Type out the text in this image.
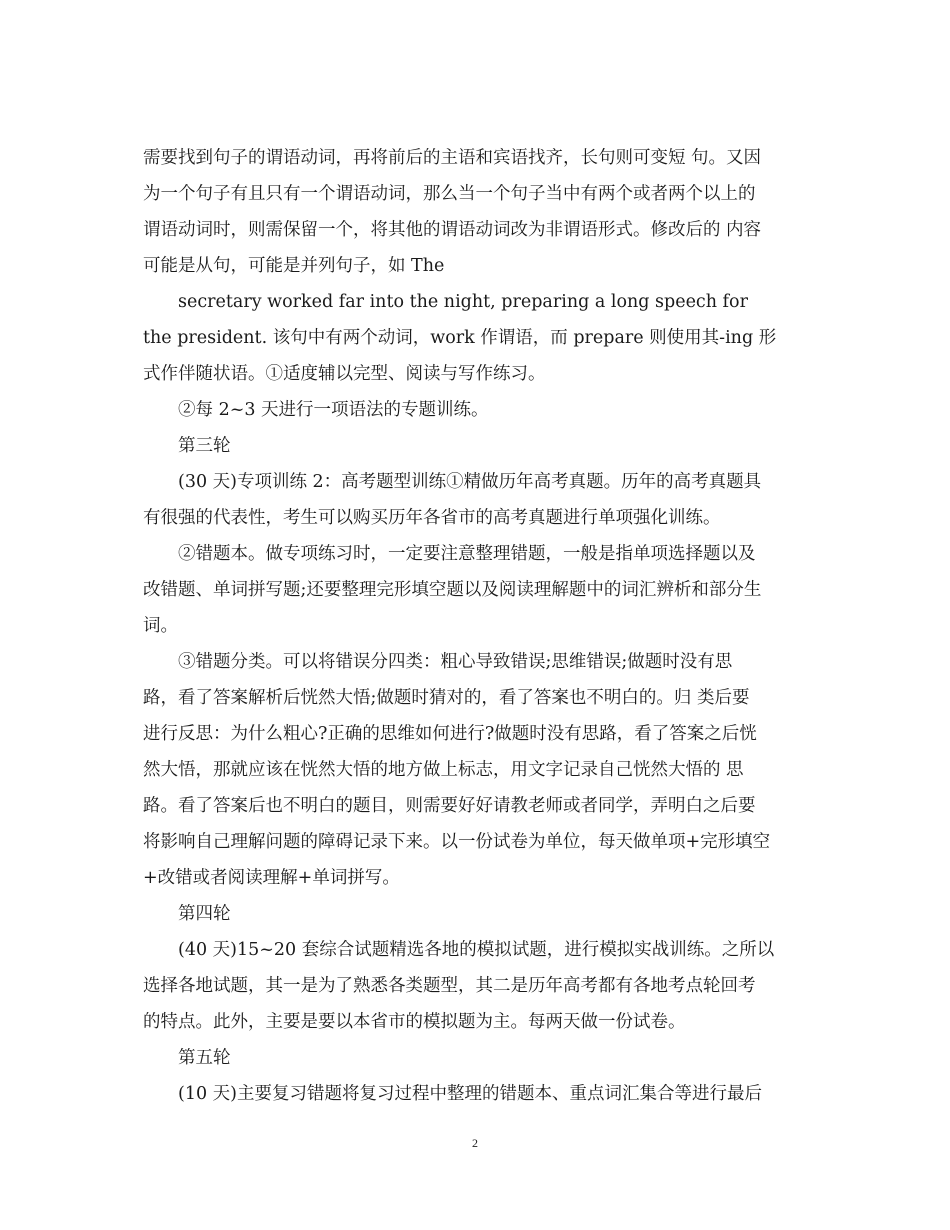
需要找到句子的谓语动词，再将前后的主语和宾语找齐，长句则可变短 句。又因

为一个句子有且只有一个谓语动词，那么当一个句子当中有两个或者两个以上的

谓语动词时，则需保留一个，将其他的谓语动词改为非谓语形式。修改后的 内容

可能是从句，可能是并列句子，如 The

secretary worked far into the night, preparing a long speech for

the president. 该句中有两个动词，work 作谓语，而 prepare 则使用其-ing 形

式作伴随状语。①适度辅以完型、阅读与写作练习。

②每 2~3 天进行一项语法的专题训练。

第三轮

(30 天)专项训练 2：高考题型训练①精做历年高考真题。历年的高考真题具

有很强的代表性，考生可以购买历年各省市的高考真题进行单项强化训练。

②错题本。做专项练习时，一定要注意整理错题，一般是指单项选择题以及

改错题、单词拼写题;还要整理完形填空题以及阅读理解题中的词汇辨析和部分生

词。

③错题分类。可以将错误分四类：粗心导致错误;思维错误;做题时没有思

路，看了答案解析后恍然大悟;做题时猜对的，看了答案也不明白的。归 类后要

进行反思：为什么粗心?正确的思维如何进行?做题时没有思路，看了答案之后恍

然大悟，那就应该在恍然大悟的地方做上标志，用文字记录自己恍然大悟的 思

路。看了答案后也不明白的题目，则需要好好请教老师或者同学，弄明白之后要

将影响自己理解问题的障碍记录下来。以一份试卷为单位，每天做单项+完形填空

+改错或者阅读理解+单词拼写。

第四轮

(40 天)15~20 套综合试题精选各地的模拟试题，进行模拟实战训练。之所以

选择各地试题，其一是为了熟悉各类题型，其二是历年高考都有各地考点轮回考

的特点。此外，主要是要以本省市的模拟题为主。每两天做一份试卷。

第五轮

(10 天)主要复习错题将复习过程中整理的错题本、重点词汇集合等进行最后

2
